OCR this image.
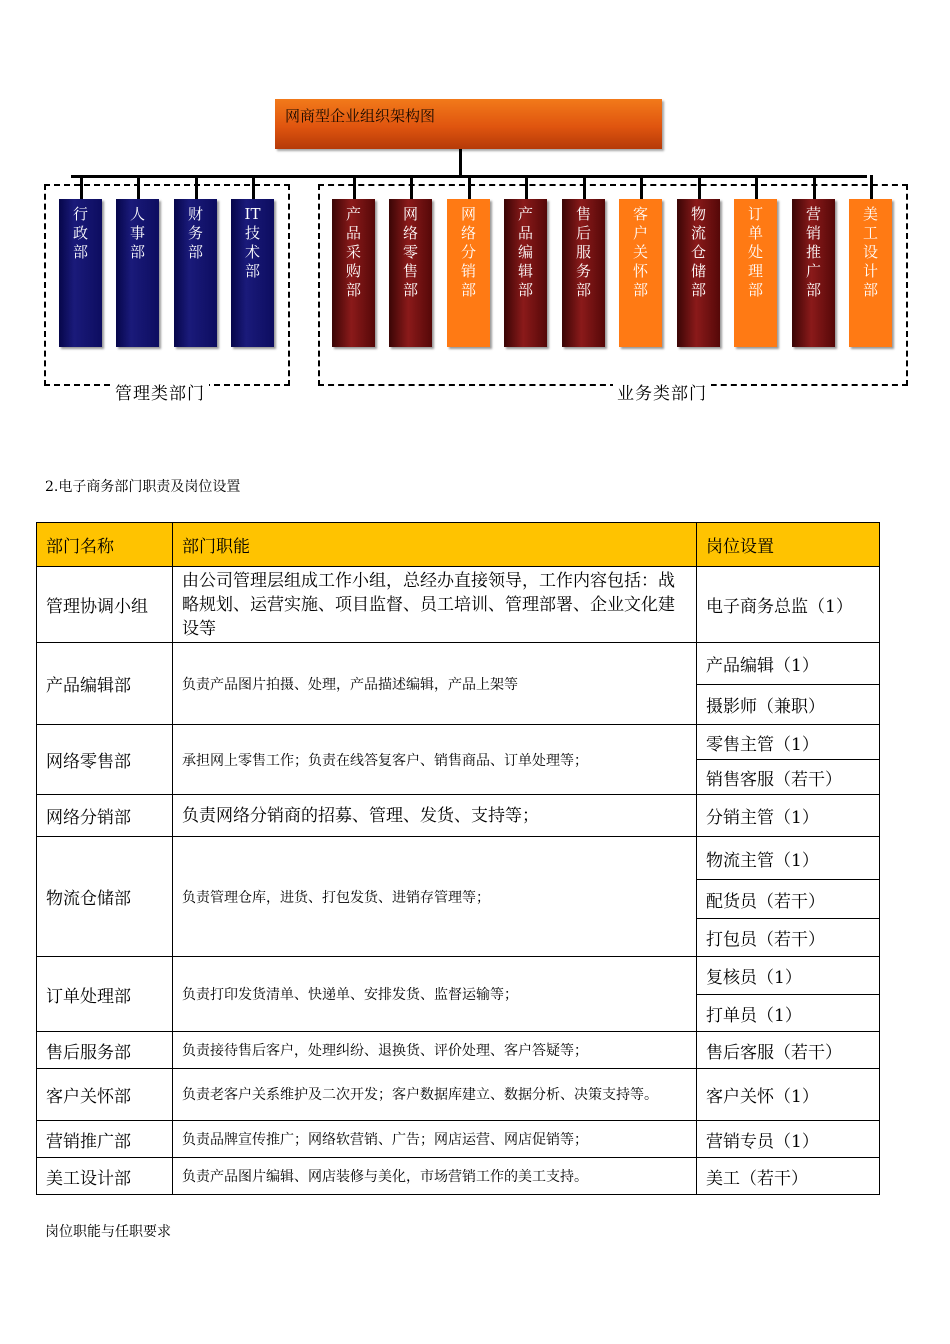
网商型企业组织架构图
管理类部门	业务类部门
行政部
人事部
财务部
IT技术部
产品采购部
网络零售部
网络分销部
产品编辑部
售后服务部
客户关怀部
物流仓储部
订单处理部
营销推广部
美工设计部
2.电子商务部门职责及岗位设置
部门名称	部门职能	岗位设置
管理协调小组	由公司管理层组成工作小组，总经办直接领导，工作内容包括：战略规划、运营实施、项目监督、员工培训、管理部署、企业文化建设等	电子商务总监（1）
产品编辑部	负责产品图片拍摄、处理，产品描述编辑，产品上架等	产品编辑（1）
		摄影师（兼职）
网络零售部	承担网上零售工作；负责在线答复客户、销售商品、订单处理等；	零售主管（1）
		销售客服（若干）
网络分销部	负责网络分销商的招募、管理、发货、支持等；	分销主管（1）
物流仓储部	负责管理仓库，进货、打包发货、进销存管理等；	物流主管（1）
		配货员（若干）
		打包员（若干）
订单处理部	负责打印发货清单、快递单、安排发货、监督运输等；	复核员（1）
		打单员（1）
售后服务部	负责接待售后客户，处理纠纷、退换货、评价处理、客户答疑等；	售后客服（若干）
客户关怀部	负责老客户关系维护及二次开发；客户数据库建立、数据分析、决策支持等。	客户关怀（1）
营销推广部	负责品牌宣传推广；网络软营销、广告；网店运营、网店促销等；	营销专员（1）
美工设计部	负责产品图片编辑、网店装修与美化，市场营销工作的美工支持。	美工（若干）
岗位职能与任职要求
